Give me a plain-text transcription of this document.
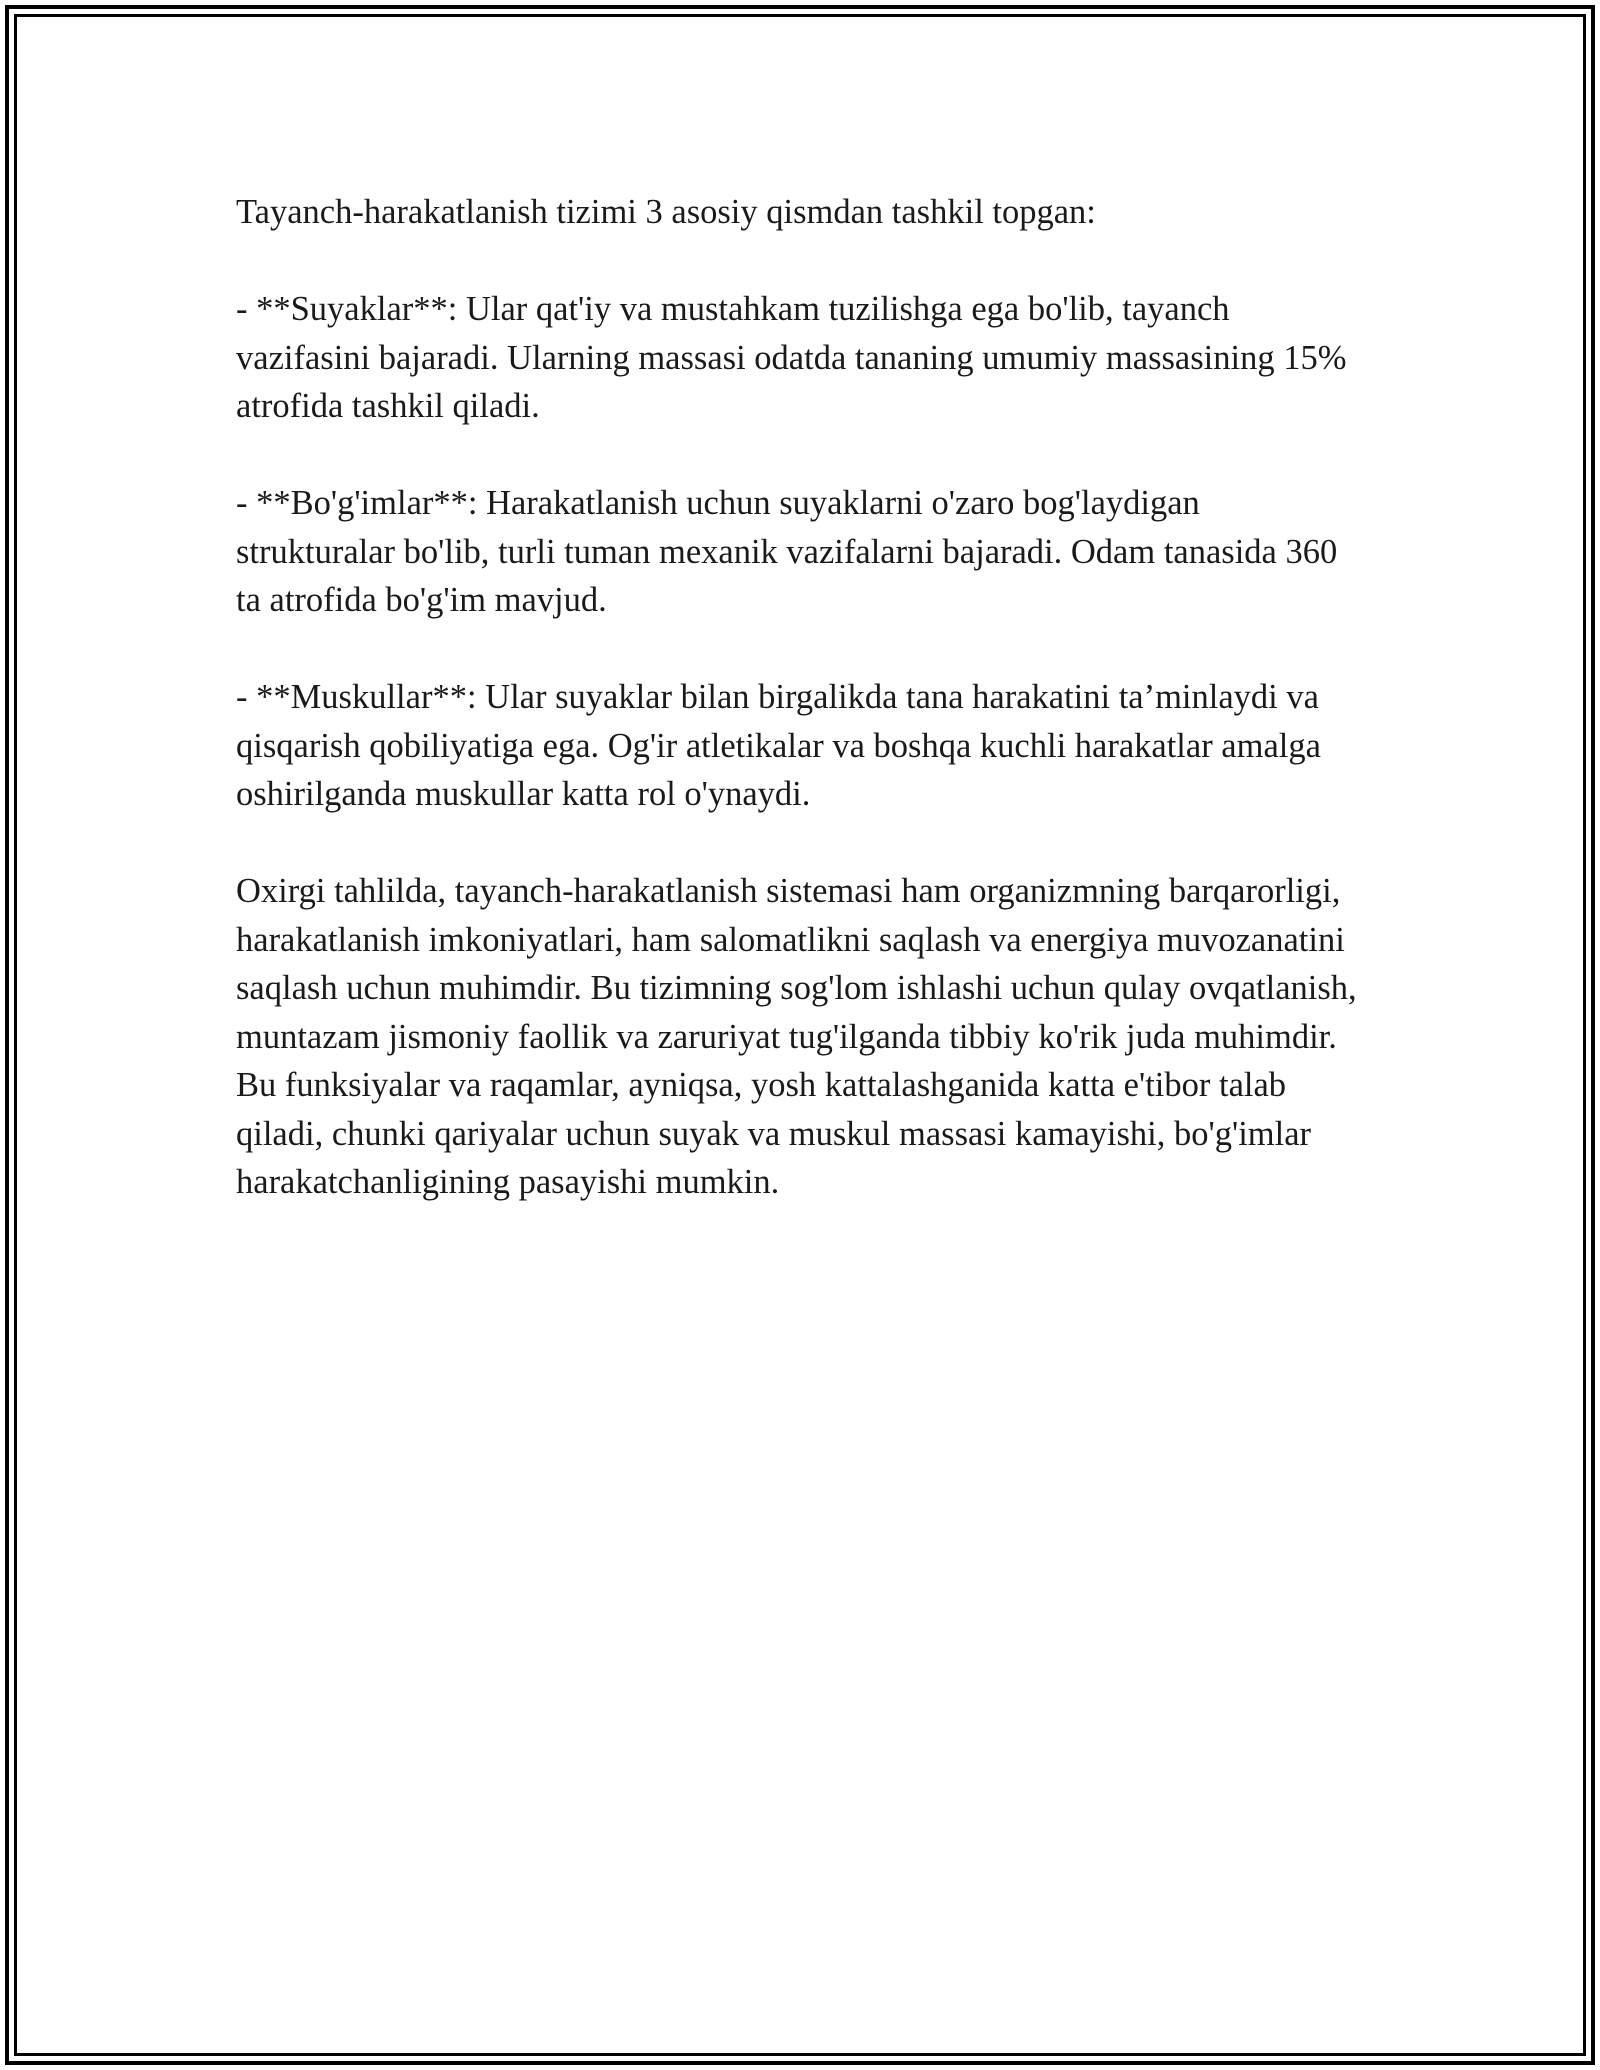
Tayanch-harakatlanish tizimi 3 asosiy qismdan tashkil topgan:

- **Suyaklar**: Ular qat'iy va mustahkam tuzilishga ega bo'lib, tayanch vazifasini bajaradi. Ularning massasi odatda tananing umumiy massasining 15% atrofida tashkil qiladi.

- **Bo'g'imlar**: Harakatlanish uchun suyaklarni o'zaro bog'laydigan strukturalar bo'lib, turli tuman mexanik vazifalarni bajaradi. Odam tanasida 360 ta atrofida bo'g'im mavjud.

- **Muskullar**: Ular suyaklar bilan birgalikda tana harakatini ta’minlaydi va qisqarish qobiliyatiga ega. Og'ir atletikalar va boshqa kuchli harakatlar amalga oshirilganda muskullar katta rol o'ynaydi.

Oxirgi tahlilda, tayanch-harakatlanish sistemasi ham organizmning barqarorligi, harakatlanish imkoniyatlari, ham salomatlikni saqlash va energiya muvozanatini saqlash uchun muhimdir. Bu tizimning sog'lom ishlashi uchun qulay ovqatlanish, muntazam jismoniy faollik va zaruriyat tug'ilganda tibbiy ko'rik juda muhimdir. Bu funksiyalar va raqamlar, ayniqsa, yosh kattalashganida katta e'tibor talab qiladi, chunki qariyalar uchun suyak va muskul massasi kamayishi, bo'g'imlar harakatchanligining pasayishi mumkin.
